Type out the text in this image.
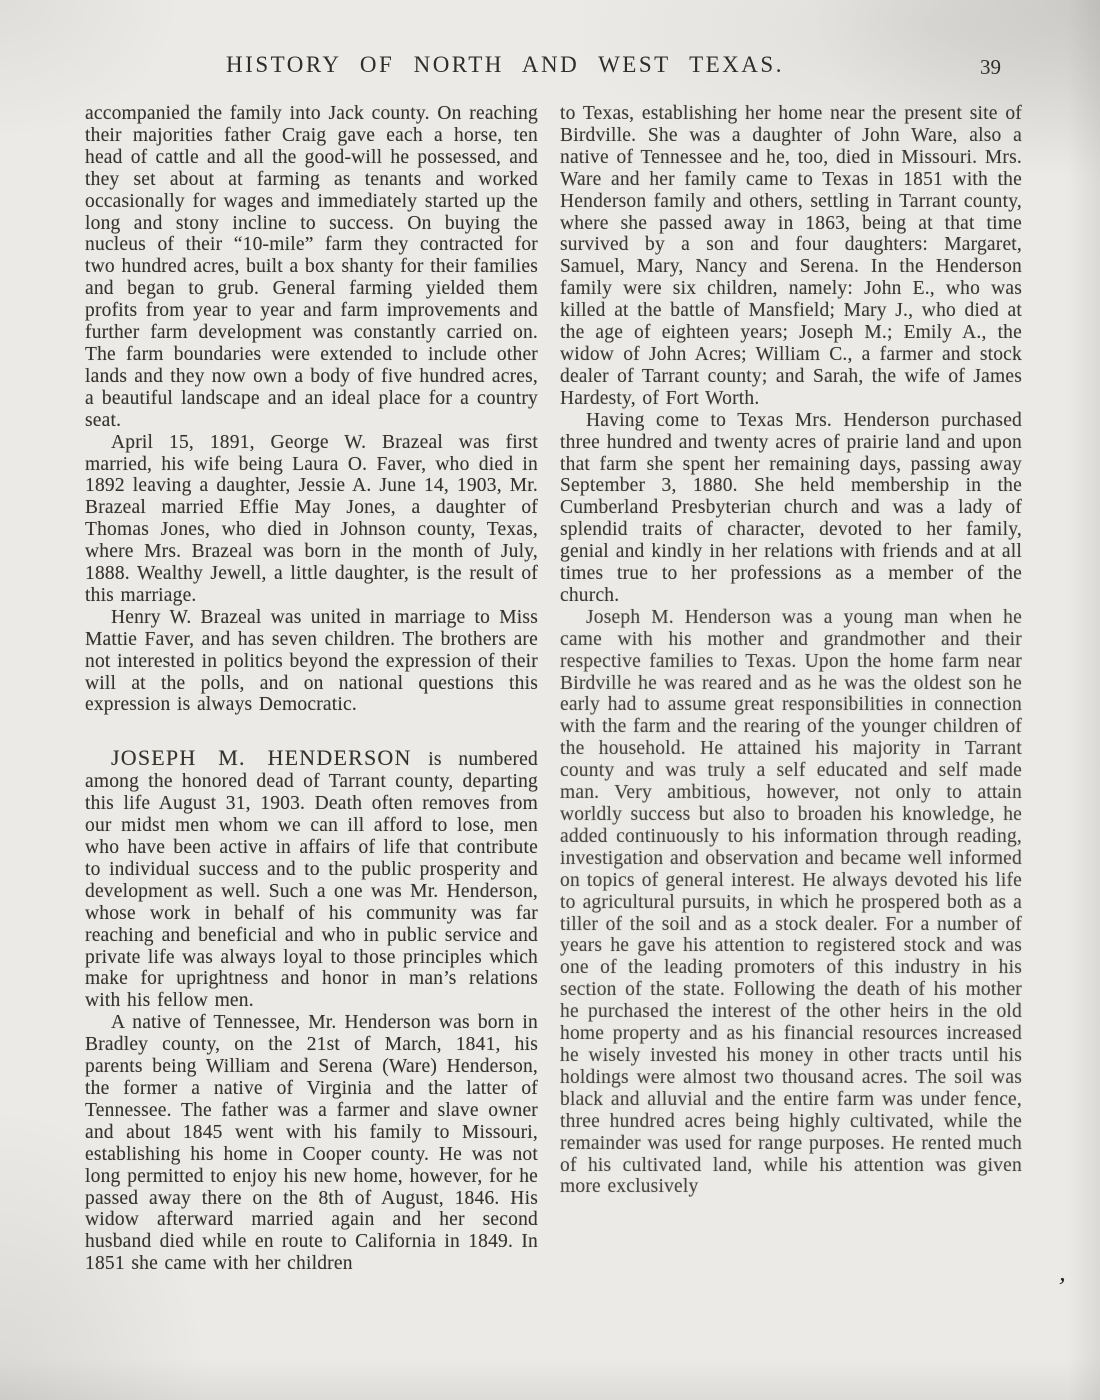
HISTORY OF NORTH AND WEST TEXAS.	39

accompanied the family into Jack county. On reaching their majorities father Craig gave each a horse, ten head of cattle and all the good-will he possessed, and they set about at farming as tenants and worked occasionally for wages and immediately started up the long and stony incline to success. On buying the nucleus of their “10-mile” farm they contracted for two hundred acres, built a box shanty for their families and began to grub. General farming yielded them profits from year to year and farm improvements and further farm development was constantly carried on. The farm boundaries were extended to include other lands and they now own a body of five hundred acres, a beautiful landscape and an ideal place for a country seat.

April 15, 1891, George W. Brazeal was first married, his wife being Laura O. Faver, who died in 1892 leaving a daughter, Jessie A. June 14, 1903, Mr. Brazeal married Effie May Jones, a daughter of Thomas Jones, who died in Johnson county, Texas, where Mrs. Brazeal was born in the month of July, 1888. Wealthy Jewell, a little daughter, is the result of this marriage.

Henry W. Brazeal was united in marriage to Miss Mattie Faver, and has seven children. The brothers are not interested in politics beyond the expression of their will at the polls, and on national questions this expression is always Democratic.

JOSEPH M. HENDERSON is numbered among the honored dead of Tarrant county, departing this life August 31, 1903. Death often removes from our midst men whom we can ill afford to lose, men who have been active in affairs of life that contribute to individual success and to the public prosperity and development as well. Such a one was Mr. Henderson, whose work in behalf of his community was far reaching and beneficial and who in public service and private life was always loyal to those principles which make for uprightness and honor in man’s relations with his fellow men.

A native of Tennessee, Mr. Henderson was born in Bradley county, on the 21st of March, 1841, his parents being William and Serena (Ware) Henderson, the former a native of Virginia and the latter of Tennessee. The father was a farmer and slave owner and about 1845 went with his family to Missouri, establishing his home in Cooper county. He was not long permitted to enjoy his new home, however, for he passed away there on the 8th of August, 1846. His widow afterward married again and her second husband died while en route to California in 1849. In 1851 she came with her children

to Texas, establishing her home near the present site of Birdville. She was a daughter of John Ware, also a native of Tennessee and he, too, died in Missouri. Mrs. Ware and her family came to Texas in 1851 with the Henderson family and others, settling in Tarrant county, where she passed away in 1863, being at that time survived by a son and four daughters: Margaret, Samuel, Mary, Nancy and Serena. In the Henderson family were six children, namely: John E., who was killed at the battle of Mansfield; Mary J., who died at the age of eighteen years; Joseph M.; Emily A., the widow of John Acres; William C., a farmer and stock dealer of Tarrant county; and Sarah, the wife of James Hardesty, of Fort Worth.

Having come to Texas Mrs. Henderson purchased three hundred and twenty acres of prairie land and upon that farm she spent her remaining days, passing away September 3, 1880. She held membership in the Cumberland Presbyterian church and was a lady of splendid traits of character, devoted to her family, genial and kindly in her relations with friends and at all times true to her professions as a member of the church.

Joseph M. Henderson was a young man when he came with his mother and grandmother and their respective families to Texas. Upon the home farm near Birdville he was reared and as he was the oldest son he early had to assume great responsibilities in connection with the farm and the rearing of the younger children of the household. He attained his majority in Tarrant county and was truly a self educated and self made man. Very ambitious, however, not only to attain worldly success but also to broaden his knowledge, he added continuously to his information through reading, investigation and observation and became well informed on topics of general interest. He always devoted his life to agricultural pursuits, in which he prospered both as a tiller of the soil and as a stock dealer. For a number of years he gave his attention to registered stock and was one of the leading promoters of this industry in his section of the state. Following the death of his mother he purchased the interest of the other heirs in the old home property and as his financial resources increased he wisely invested his money in other tracts until his holdings were almost two thousand acres. The soil was black and alluvial and the entire farm was under fence, three hundred acres being highly cultivated, while the remainder was used for range purposes. He rented much of his cultivated land, while his attention was given more exclusively

’
